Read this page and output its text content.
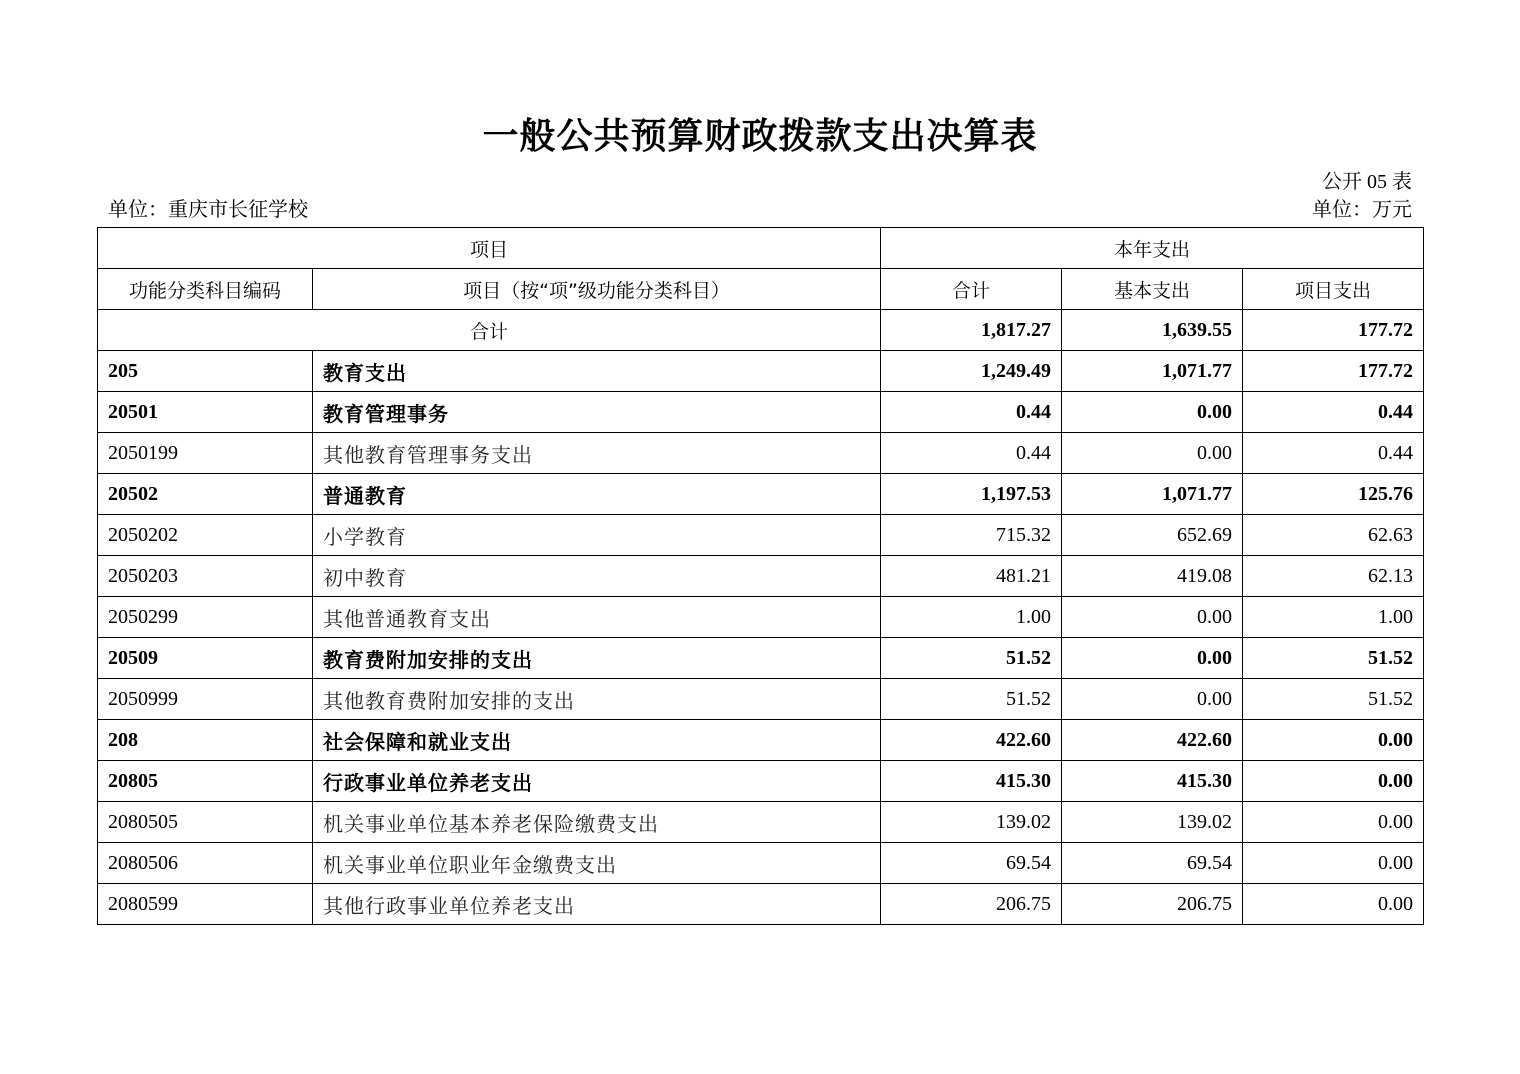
一般公共预算财政拨款支出决算表
公开 05 表
单位：重庆市长征学校	单位：万元
项目		本年支出		
功能分类科目编码	项目（按“项”级功能分类科目）	合计	基本支出	项目支出
合计		1,817.27	1,639.55	177.72
205	教育支出	1,249.49	1,071.77	177.72
20501	教育管理事务	0.44	0.00	0.44
2050199	其他教育管理事务支出	0.44	0.00	0.44
20502	普通教育	1,197.53	1,071.77	125.76
2050202	小学教育	715.32	652.69	62.63
2050203	初中教育	481.21	419.08	62.13
2050299	其他普通教育支出	1.00	0.00	1.00
20509	教育费附加安排的支出	51.52	0.00	51.52
2050999	其他教育费附加安排的支出	51.52	0.00	51.52
208	社会保障和就业支出	422.60	422.60	0.00
20805	行政事业单位养老支出	415.30	415.30	0.00
2080505	机关事业单位基本养老保险缴费支出	139.02	139.02	0.00
2080506	机关事业单位职业年金缴费支出	69.54	69.54	0.00
2080599	其他行政事业单位养老支出	206.75	206.75	0.00
